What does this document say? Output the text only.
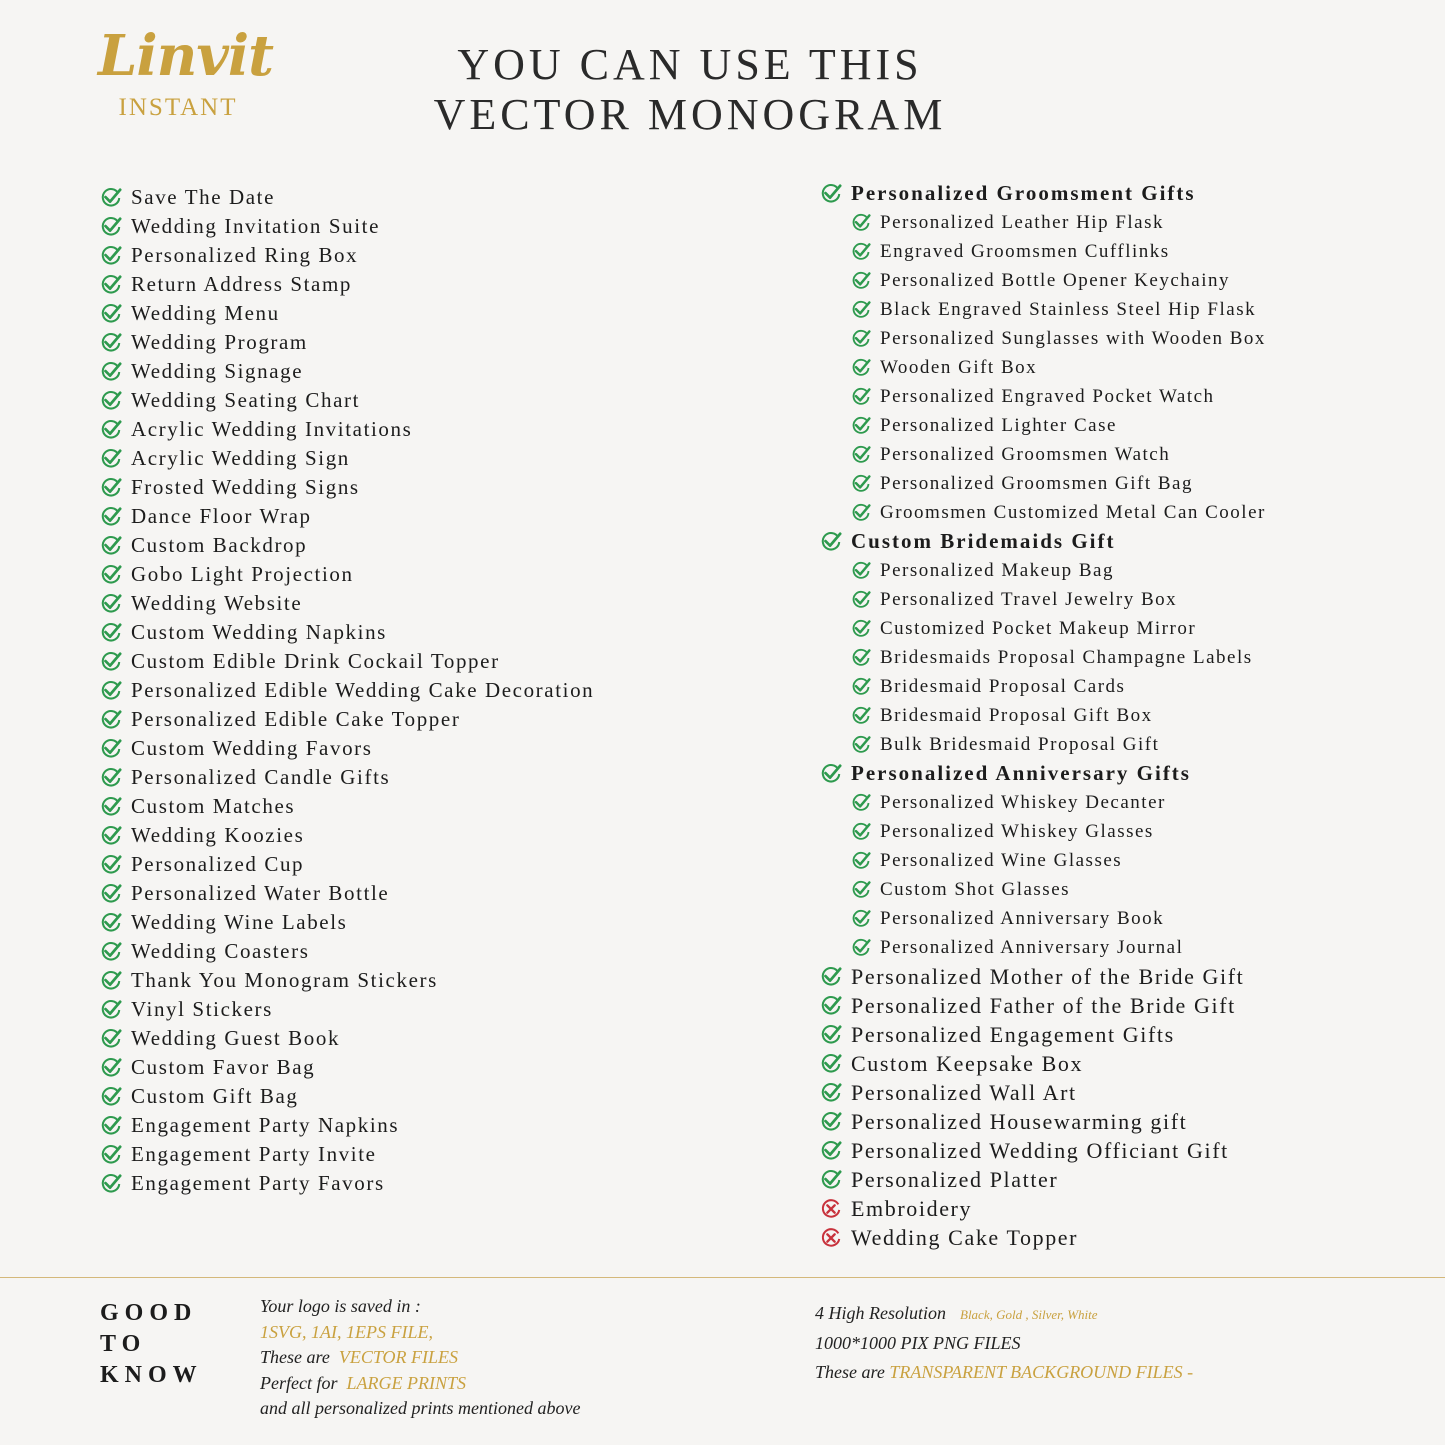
Linvit
INSTANT
YOU CAN USE THIS
VECTOR MONOGRAM
Save The Date
Wedding Invitation Suite
Personalized Ring Box
Return Address Stamp
Wedding Menu
Wedding Program
Wedding Signage
Wedding Seating Chart
Acrylic Wedding Invitations
Acrylic Wedding Sign
Frosted Wedding Signs
Dance Floor Wrap
Custom Backdrop
Gobo Light Projection
Wedding Website
Custom Wedding Napkins
Custom Edible Drink Cockail Topper
Personalized Edible Wedding Cake Decoration
Personalized Edible Cake Topper
Custom Wedding Favors
Personalized Candle Gifts
Custom Matches
Wedding Koozies
Personalized Cup
Personalized Water Bottle
Wedding Wine Labels
Wedding Coasters
Thank You Monogram Stickers
Vinyl Stickers
Wedding Guest Book
Custom Favor Bag
Custom Gift Bag
Engagement Party Napkins
Engagement Party Invite
Engagement Party Favors
Personalized Groomsment Gifts
Personalized Leather Hip Flask
Engraved Groomsmen Cufflinks
Personalized Bottle Opener Keychainy
Black Engraved Stainless Steel Hip Flask
Personalized Sunglasses with Wooden Box
Wooden Gift Box
Personalized Engraved Pocket Watch
Personalized Lighter Case
Personalized Groomsmen Watch
Personalized Groomsmen Gift Bag
Groomsmen Customized Metal Can Cooler
Custom Bridemaids Gift
Personalized Makeup Bag
Personalized Travel Jewelry Box
Customized Pocket Makeup Mirror
Bridesmaids Proposal Champagne Labels
Bridesmaid Proposal Cards
Bridesmaid Proposal Gift Box
Bulk Bridesmaid Proposal Gift
Personalized Anniversary Gifts
Personalized Whiskey Decanter
Personalized Whiskey Glasses
Personalized Wine Glasses
Custom Shot Glasses
Personalized Anniversary Book
Personalized Anniversary Journal
Personalized Mother of the Bride Gift
Personalized Father of the Bride Gift
Personalized Engagement Gifts
Custom Keepsake Box
Personalized Wall Art
Personalized Housewarming gift
Personalized Wedding Officiant Gift
Personalized Platter
Embroidery
Wedding Cake Topper
GOOD
TO
KNOW
Your logo is saved in :
1SVG, 1AI, 1EPS FILE,
These are VECTOR FILES
Perfect for LARGE PRINTS
and all personalized prints mentioned above
4 High Resolution Black, Gold , Silver, White
1000*1000 PIX PNG FILES
These are TRANSPARENT BACKGROUND FILES -
